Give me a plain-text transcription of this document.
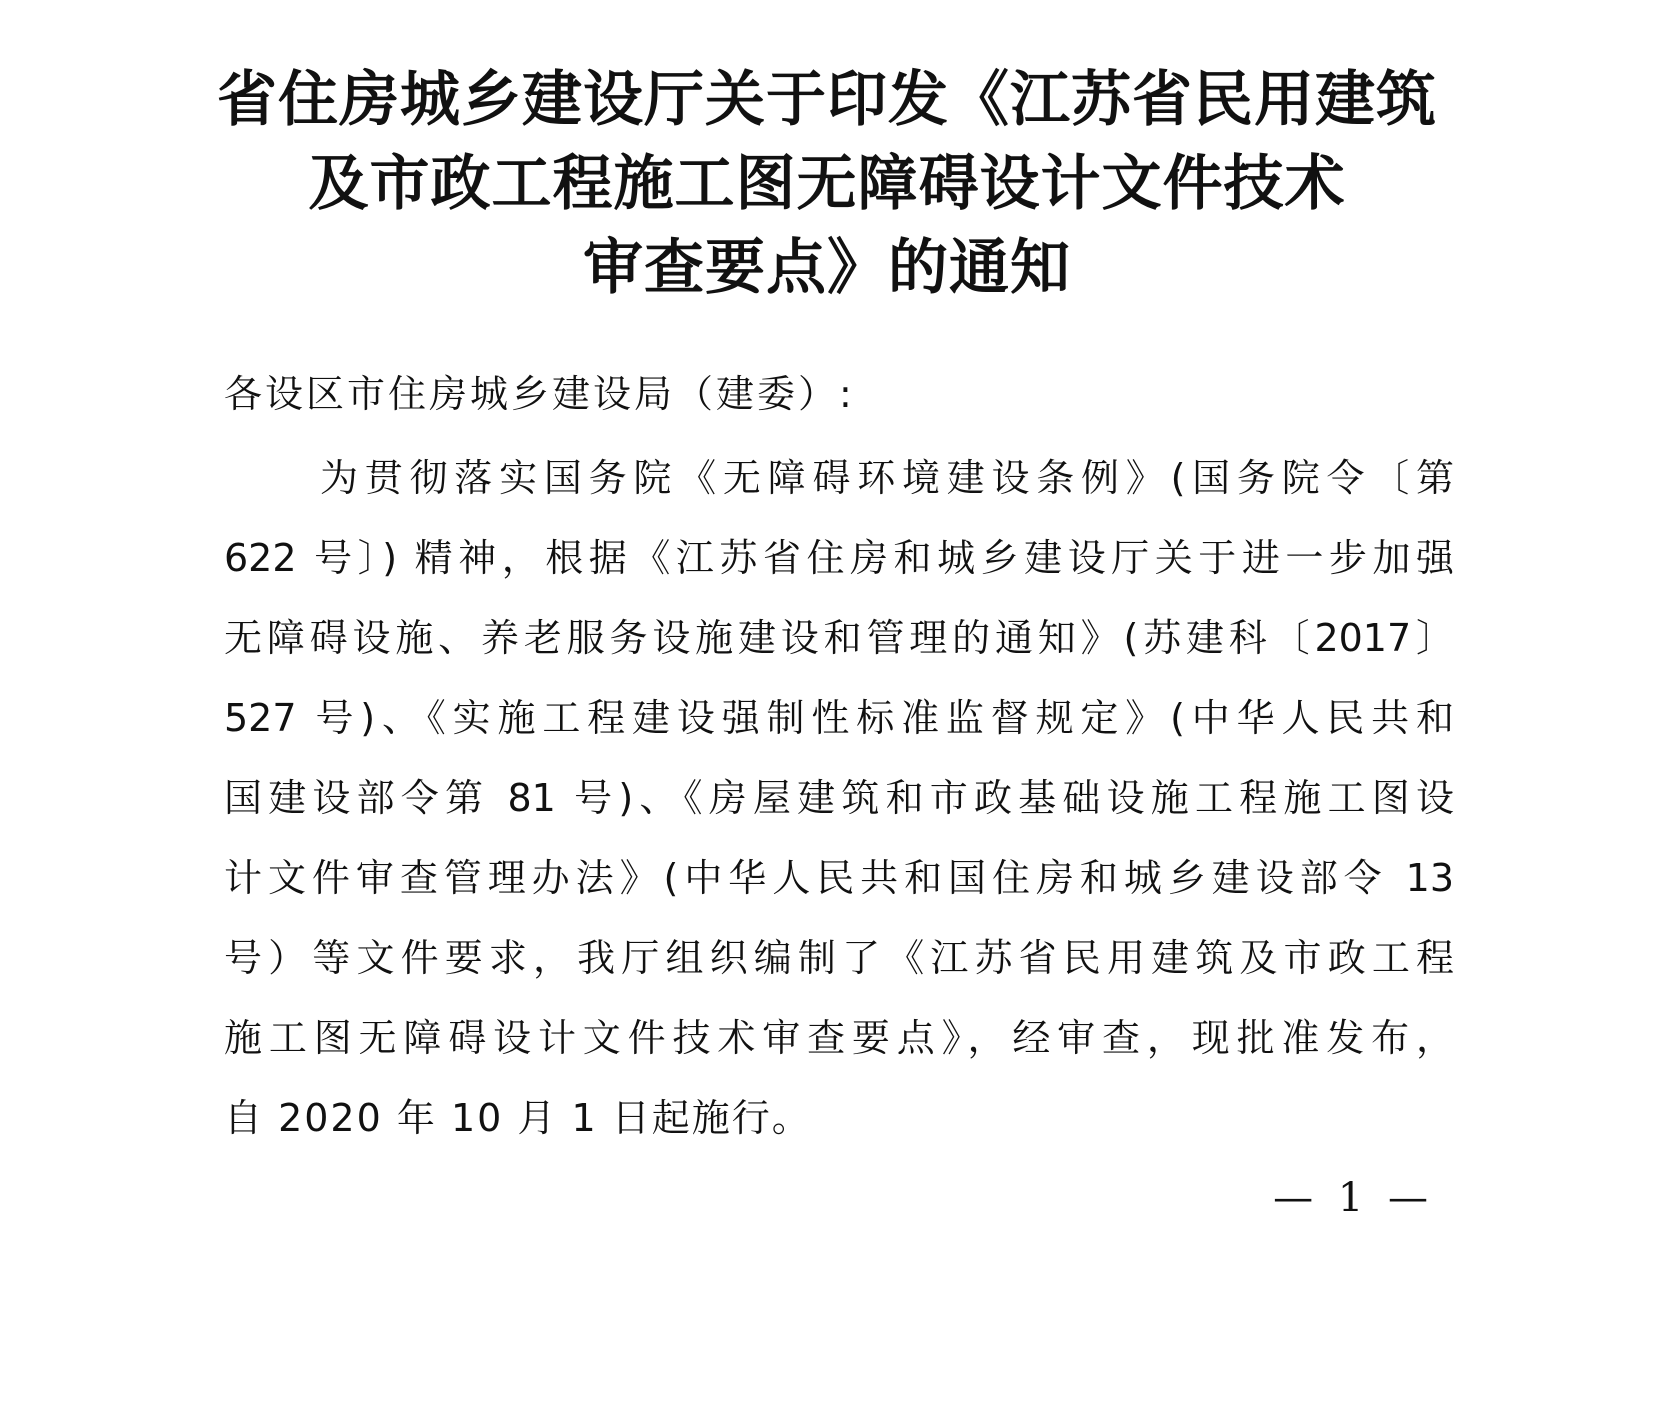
省住房城乡建设厅关于印发《江苏省民用建筑
及市政工程施工图无障碍设计文件技术
审查要点》的通知
各设区市住房城乡建设局（建委）:
为贯彻落实国务院《无障碍环境建设条例》(国务院令〔第
622 号〕) 精神，根据《江苏省住房和城乡建设厅关于进一步加强
无障碍设施、养老服务设施建设和管理的通知》(苏建科〔2017〕
527 号)、《实施工程建设强制性标准监督规定》(中华人民共和
国建设部令第 81 号)、《房屋建筑和市政基础设施工程施工图设
计文件审查管理办法》(中华人民共和国住房和城乡建设部令 13
号）等文件要求，我厅组织编制了《江苏省民用建筑及市政工程
施工图无障碍设计文件技术审查要点》，经审查，现批准发布，
自 2020 年 10 月 1 日起施行。
— 1 —
